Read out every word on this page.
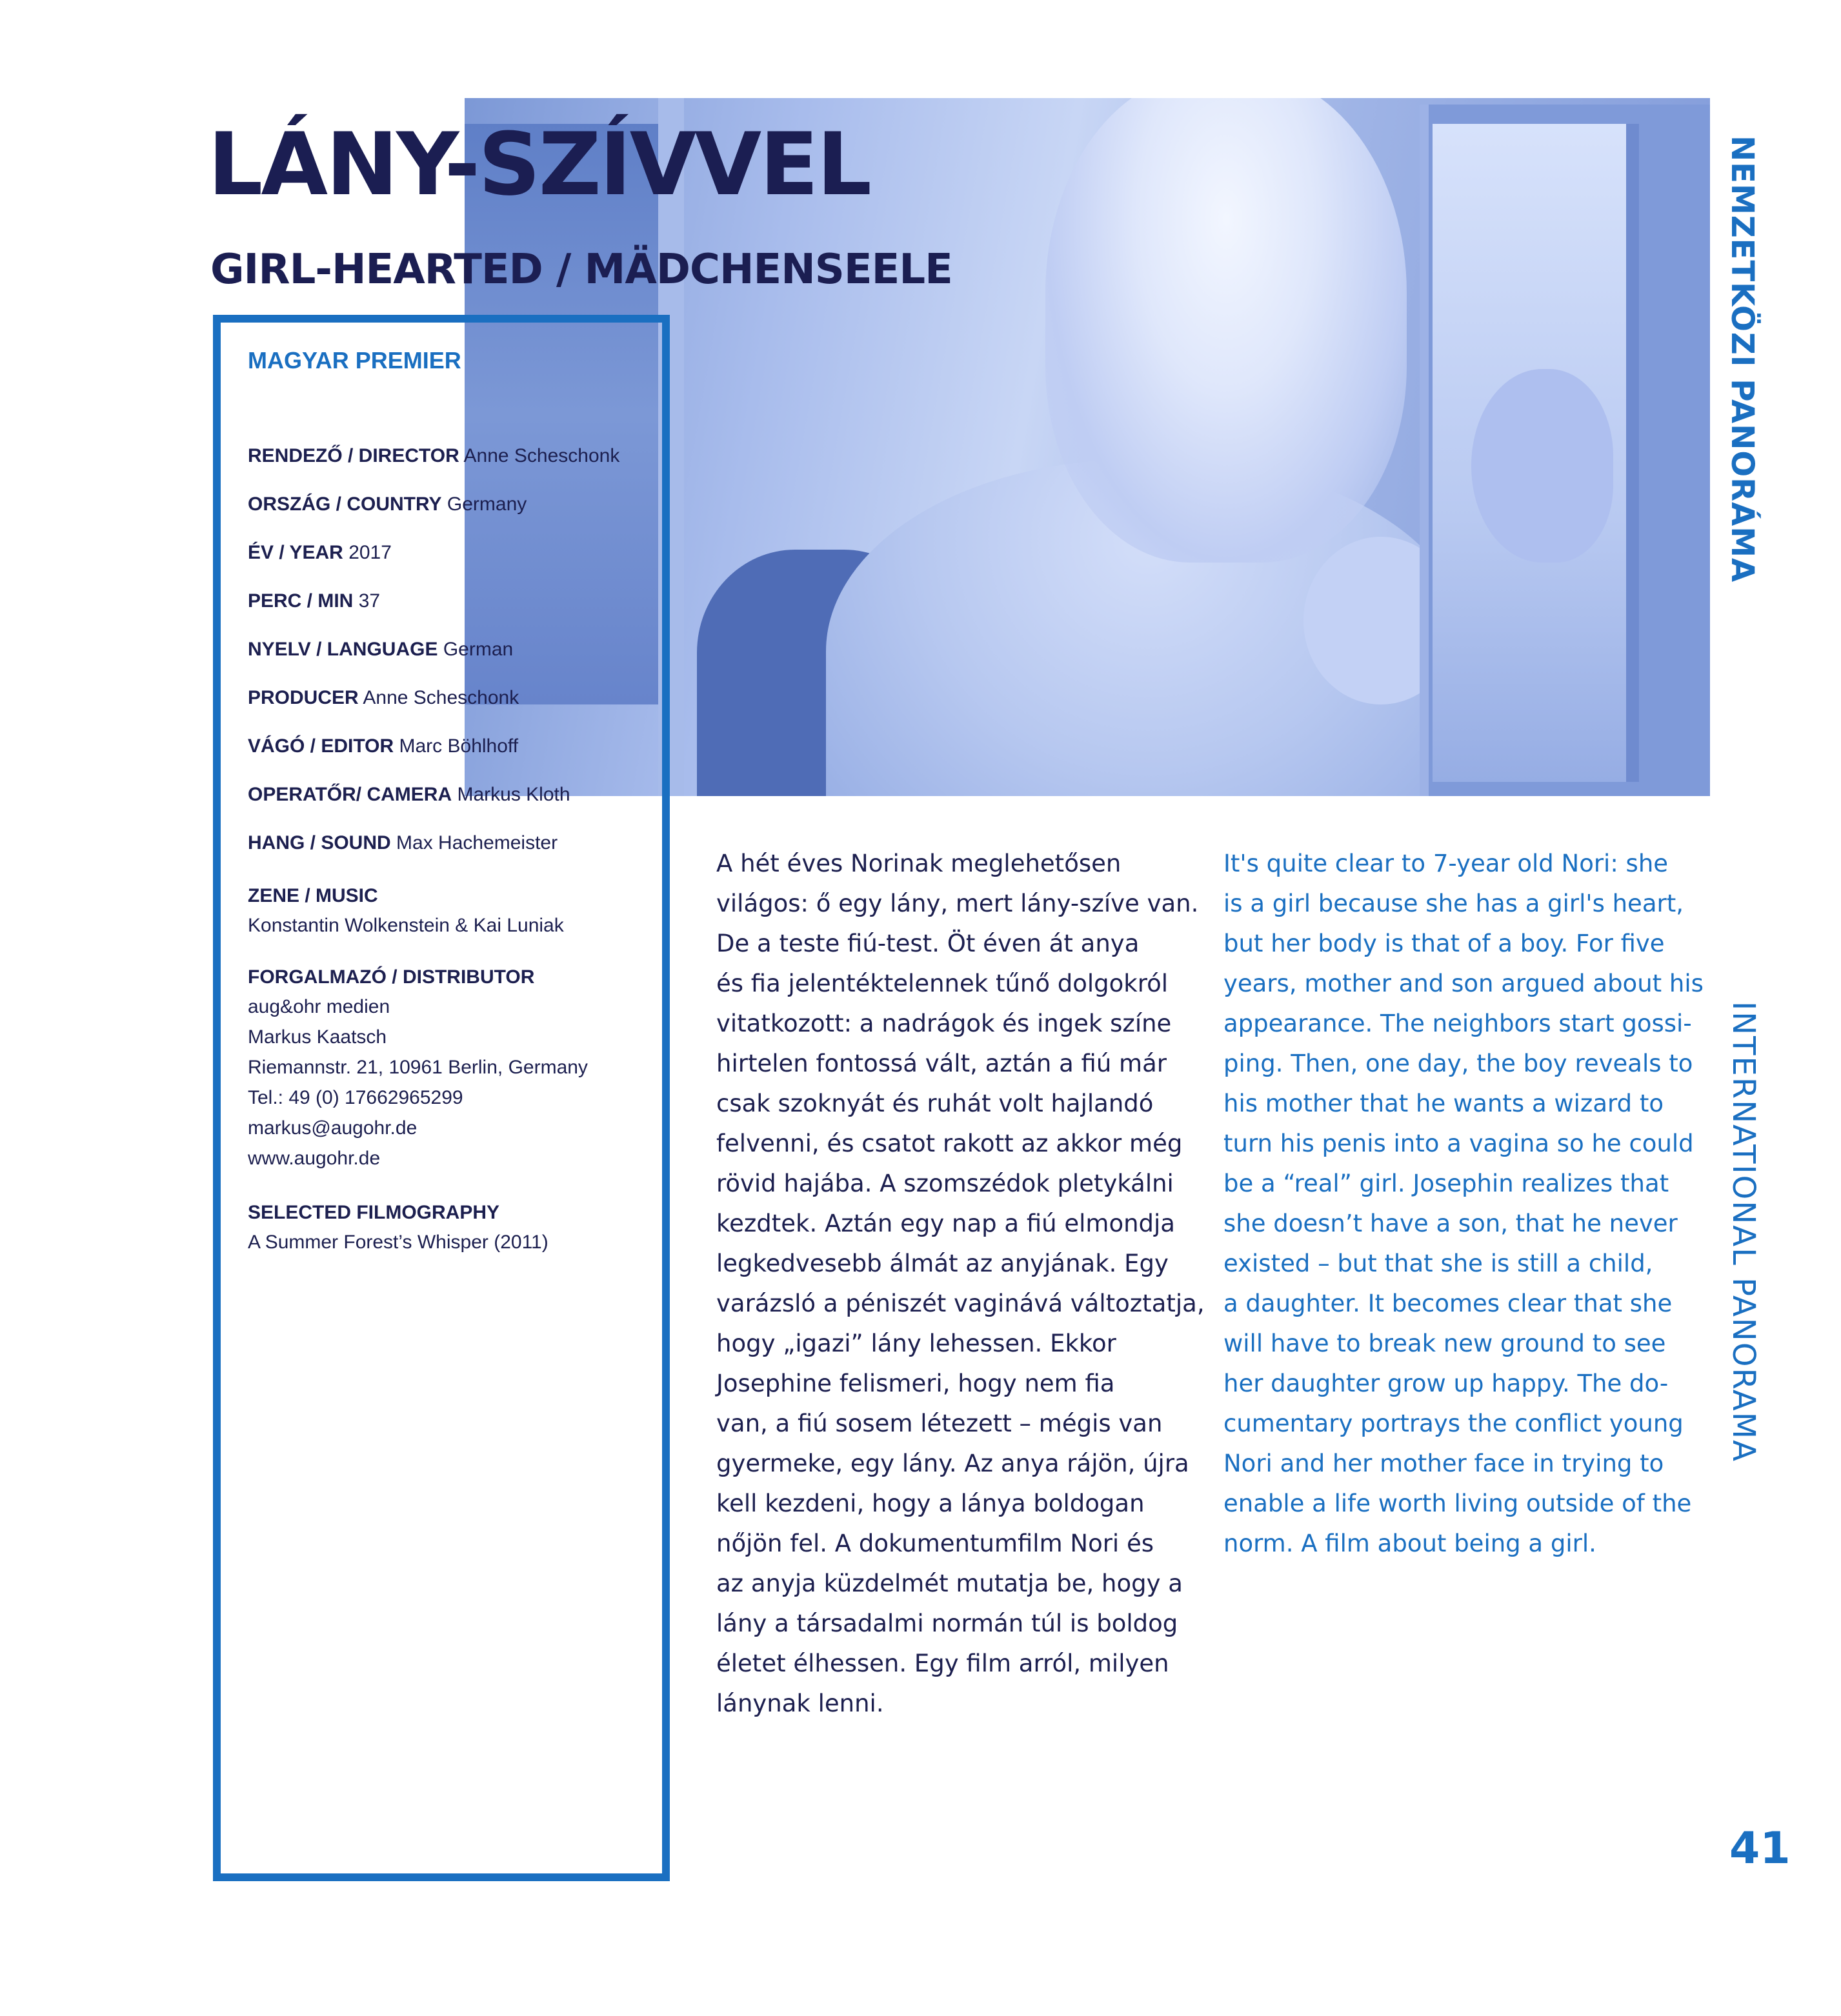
LÁNY-SZÍVVEL
GIRL-HEARTED / MÄDCHENSEELE
MAGYAR PREMIER
RENDEZŐ / DIRECTOR Anne Scheschonk
ORSZÁG / COUNTRY Germany
ÉV / YEAR 2017
PERC / MIN 37
NYELV / LANGUAGE German
PRODUCER Anne Scheschonk
VÁGÓ / EDITOR Marc Böhlhoff
OPERATŐR/ CAMERA Markus Kloth
HANG / SOUND Max Hachemeister
ZENE / MUSIC
Konstantin Wolkenstein & Kai Luniak
FORGALMAZÓ / DISTRIBUTOR
aug&ohr medien
Markus Kaatsch
Riemannstr. 21, 10961 Berlin, Germany
Tel.: 49 (0) 17662965299
markus@augohr.de
www.augohr.de
SELECTED FILMOGRAPHY
A Summer Forest’s Whisper (2011)
A hét éves Norinak meglehetősen
világos: ő egy lány, mert lány-szíve van.
De a teste fiú-test. Öt éven át anya
és fia jelentéktelennek tűnő dolgokról
vitatkozott: a nadrágok és ingek színe
hirtelen fontossá vált, aztán a fiú már
csak szoknyát és ruhát volt hajlandó
felvenni, és csatot rakott az akkor még
rövid hajába. A szomszédok pletykálni
kezdtek. Aztán egy nap a fiú elmondja
legkedvesebb álmát az anyjának. Egy
varázsló a péniszét vaginává változtatja,
hogy „igazi” lány lehessen. Ekkor
Josephine felismeri, hogy nem fia
van, a fiú sosem létezett – mégis van
gyermeke, egy lány. Az anya rájön, újra
kell kezdeni, hogy a lánya boldogan
nőjön fel. A dokumentumfilm Nori és
az anyja küzdelmét mutatja be, hogy a
lány a társadalmi normán túl is boldog
életet élhessen. Egy film arról, milyen
lánynak lenni.
It's quite clear to 7-year old Nori: she
is a girl because she has a girl's heart,
but her body is that of a boy. For five
years, mother and son argued about his
appearance. The neighbors start gossi-
ping. Then, one day, the boy reveals to
his mother that he wants a wizard to
turn his penis into a vagina so he could
be a “real” girl. Josephin realizes that
she doesn’t have a son, that he never
existed – but that she is still a child,
a daughter. It becomes clear that she
will have to break new ground to see
her daughter grow up happy. The do-
cumentary portrays the conflict young
Nori and her mother face in trying to
enable a life worth living outside of the
norm. A film about being a girl.
NEMZETKÖZI PANORÁMA
INTERNATIONAL PANORAMA
41
